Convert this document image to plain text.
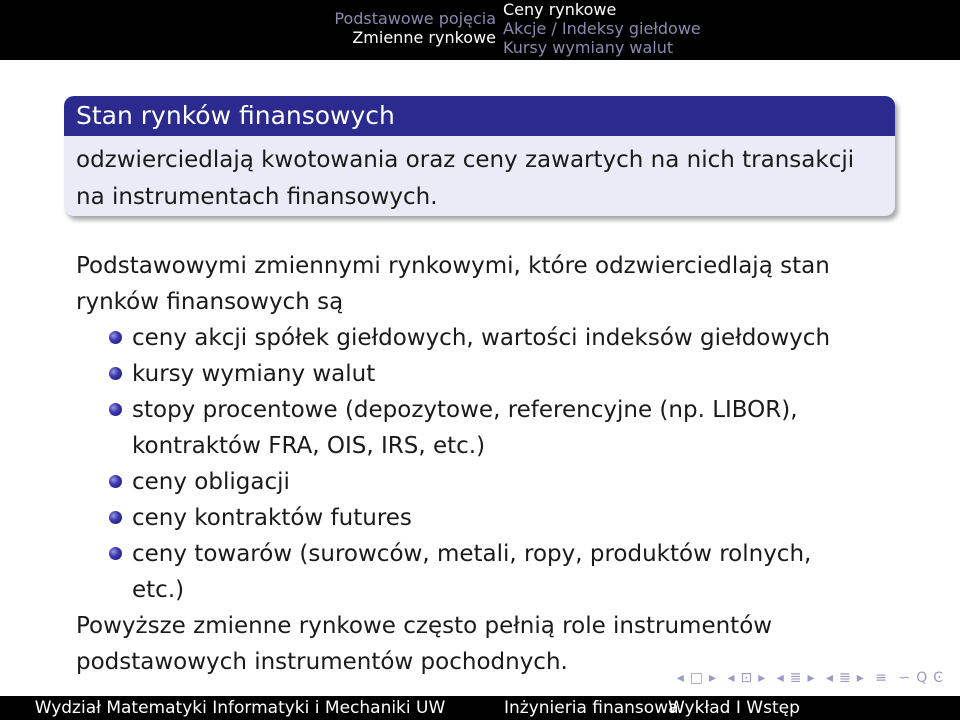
Podstawowe pojęcia
Zmienne rynkowe
Ceny rynkowe
Akcje / Indeksy giełdowe
Kursy wymiany walut
Stan rynków finansowych
odzwierciedlają kwotowania oraz ceny zawartych na nich transakcji
na instrumentach finansowych.
Podstawowymi zmiennymi rynkowymi, które odzwierciedlają stan
rynków finansowych są
ceny akcji spółek giełdowych, wartości indeksów giełdowych
kursy wymiany walut
stopy procentowe (depozytowe, referencyjne (np. LIBOR),
kontraktów FRA, OIS, IRS, etc.)
ceny obligacji
ceny kontraktów futures
ceny towarów (surowców, metali, ropy, produktów rolnych,
etc.)
Powyższe zmienne rynkowe często pełnią role instrumentów
podstawowych instrumentów pochodnych.
◂ □ ▸ ◂ ⊡ ▸ ◂ ≣ ▸ ◂ ≣ ▸ ≡ ∽ Q Ͼ
Wydział Matematyki Informatyki i Mechaniki UW	Inżynieria finansowa
Wykład I Wstęp
